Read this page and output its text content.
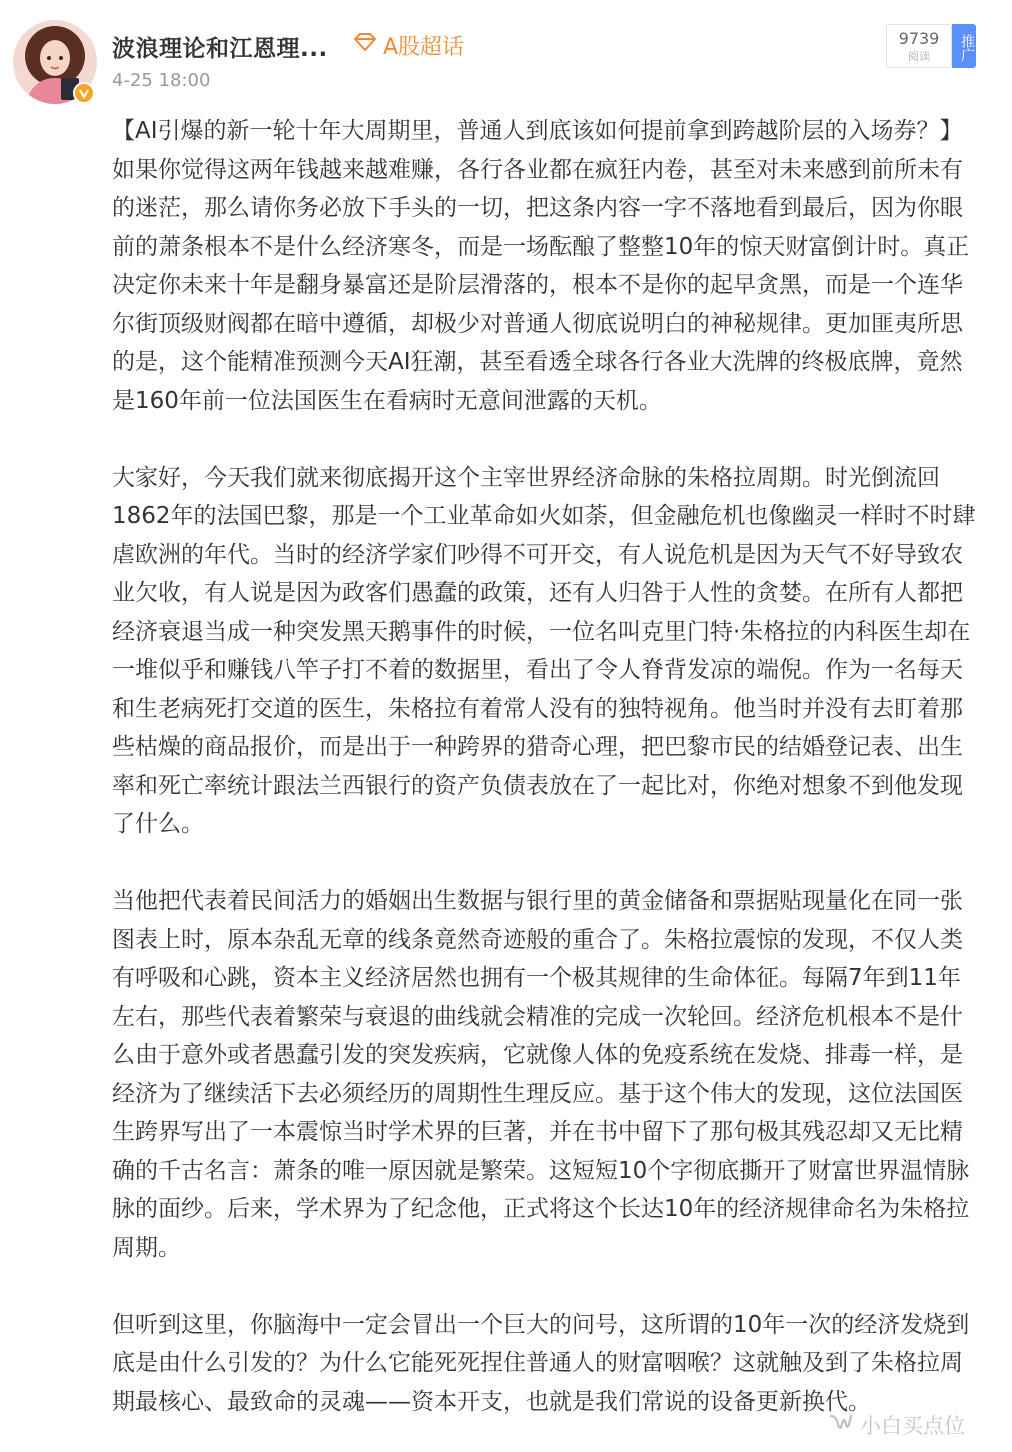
波浪理论和江恩理...	A股超话
4-25 18:00
9739
阅读	推广

【AI引爆的新一轮十年大周期里，普通人到底该如何提前拿到跨越阶层的入场券？】

如果你觉得这两年钱越来越难赚，各行各业都在疯狂内卷，甚至对未来感到前所未有的迷茫，那么请你务必放下手头的一切，把这条内容一字不落地看到最后，因为你眼前的萧条根本不是什么经济寒冬，而是一场酝酿了整整10年的惊天财富倒计时。真正决定你未来十年是翻身暴富还是阶层滑落的，根本不是你的起早贪黑，而是一个连华尔街顶级财阀都在暗中遵循，却极少对普通人彻底说明白的神秘规律。更加匪夷所思的是，这个能精准预测今天AI狂潮，甚至看透全球各行各业大洗牌的终极底牌，竟然是160年前一位法国医生在看病时无意间泄露的天机。

大家好，今天我们就来彻底揭开这个主宰世界经济命脉的朱格拉周期。时光倒流回1862年的法国巴黎，那是一个工业革命如火如荼，但金融危机也像幽灵一样时不时肆虐欧洲的年代。当时的经济学家们吵得不可开交，有人说危机是因为天气不好导致农业欠收，有人说是因为政客们愚蠢的政策，还有人归咎于人性的贪婪。在所有人都把经济衰退当成一种突发黑天鹅事件的时候，一位名叫克里门特·朱格拉的内科医生却在一堆似乎和赚钱八竿子打不着的数据里，看出了令人脊背发凉的端倪。作为一名每天和生老病死打交道的医生，朱格拉有着常人没有的独特视角。他当时并没有去盯着那些枯燥的商品报价，而是出于一种跨界的猎奇心理，把巴黎市民的结婚登记表、出生率和死亡率统计跟法兰西银行的资产负债表放在了一起比对，你绝对想象不到他发现了什么。

当他把代表着民间活力的婚姻出生数据与银行里的黄金储备和票据贴现量化在同一张图表上时，原本杂乱无章的线条竟然奇迹般的重合了。朱格拉震惊的发现，不仅人类有呼吸和心跳，资本主义经济居然也拥有一个极其规律的生命体征。每隔7年到11年左右，那些代表着繁荣与衰退的曲线就会精准的完成一次轮回。经济危机根本不是什么由于意外或者愚蠢引发的突发疾病，它就像人体的免疫系统在发烧、排毒一样，是经济为了继续活下去必须经历的周期性生理反应。基于这个伟大的发现，这位法国医生跨界写出了一本震惊当时学术界的巨著，并在书中留下了那句极其残忍却又无比精确的千古名言：萧条的唯一原因就是繁荣。这短短10个字彻底撕开了财富世界温情脉脉的面纱。后来，学术界为了纪念他，正式将这个长达10年的经济规律命名为朱格拉周期。

但听到这里，你脑海中一定会冒出一个巨大的问号，这所谓的10年一次的经济发烧到底是由什么引发的？为什么它能死死捏住普通人的财富咽喉？这就触及到了朱格拉周期最核心、最致命的灵魂——资本开支，也就是我们常说的设备更新换代。

小白买点位
